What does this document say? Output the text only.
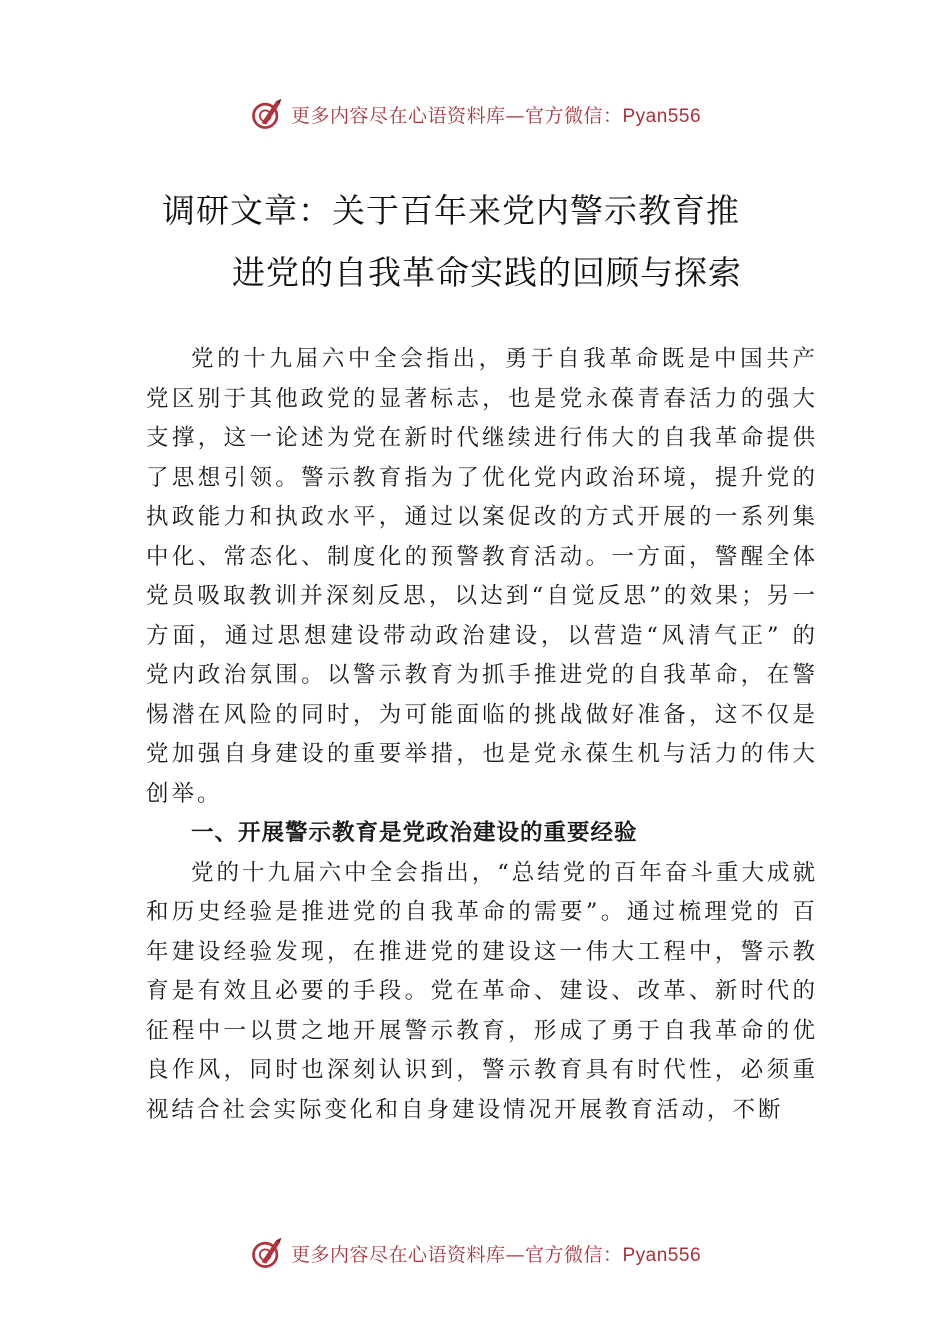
更多内容尽在心语资料库—官方微信：Pyan556
调研文章：关于百年来党内警示教育推
进党的自我革命实践的回顾与探索

党的十九届六中全会指出，勇于自我革命既是中国共产党区别于其他政党的显著标志，也是党永葆青春活力的强大支撑，这一论述为党在新时代继续进行伟大的自我革命提供了思想引领。警示教育指为了优化党内政治环境，提升党的执政能力和执政水平，通过以案促改的方式开展的一系列集中化、常态化、制度化的预警教育活动。一方面，警醒全体党员吸取教训并深刻反思，以达到“自觉反思”的效果；另一方面，通过思想建设带动政治建设，以营造“风清气正” 的党内政治氛围。以警示教育为抓手推进党的自我革命，在警惕潜在风险的同时，为可能面临的挑战做好准备，这不仅是党加强自身建设的重要举措，也是党永葆生机与活力的伟大创举。

一、开展警示教育是党政治建设的重要经验

党的十九届六中全会指出，“总结党的百年奋斗重大成就和历史经验是推进党的自我革命的需要”。通过梳理党的 百年建设经验发现，在推进党的建设这一伟大工程中，警示教育是有效且必要的手段。党在革命、建设、改革、新时代的征程中一以贯之地开展警示教育，形成了勇于自我革命的优良作风，同时也深刻认识到，警示教育具有时代性，必须重视结合社会实际变化和自身建设情况开展教育活动，不断

更多内容尽在心语资料库—官方微信：Pyan556
